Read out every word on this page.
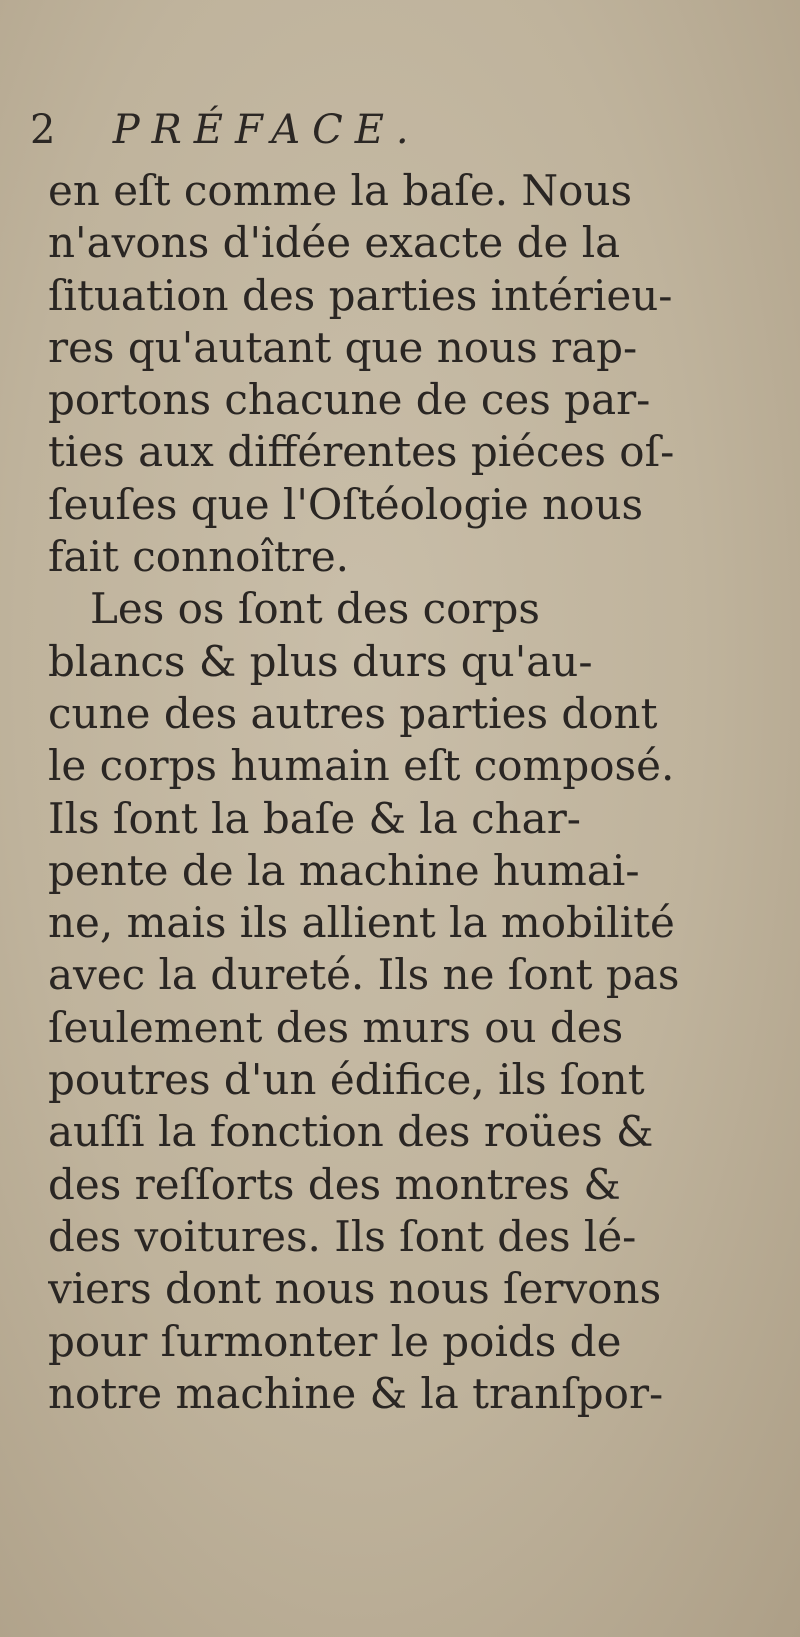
2 PRÉFACE.
en eſt comme la baſe. Nous
n'avons d'idée exacte de la
ſituation des parties intérieu-
res qu'autant que nous rap-
portons chacune de ces par-
ties aux différentes piéces oſ-
ſeuſes que l'Oſtéologie nous
fait connoître.
Les os ſont des corps
blancs & plus durs qu'au-
cune des autres parties dont
le corps humain eſt composé.
Ils ſont la baſe & la char-
pente de la machine humai-
ne, mais ils allient la mobilité
avec la dureté. Ils ne ſont pas
ſeulement des murs ou des
poutres d'un édifice, ils ſont
auſſi la fonction des roües &
des reſſorts des montres &
des voitures. Ils ſont des lé-
viers dont nous nous ſervons
pour ſurmonter le poids de
notre machine & la tranſpor-
